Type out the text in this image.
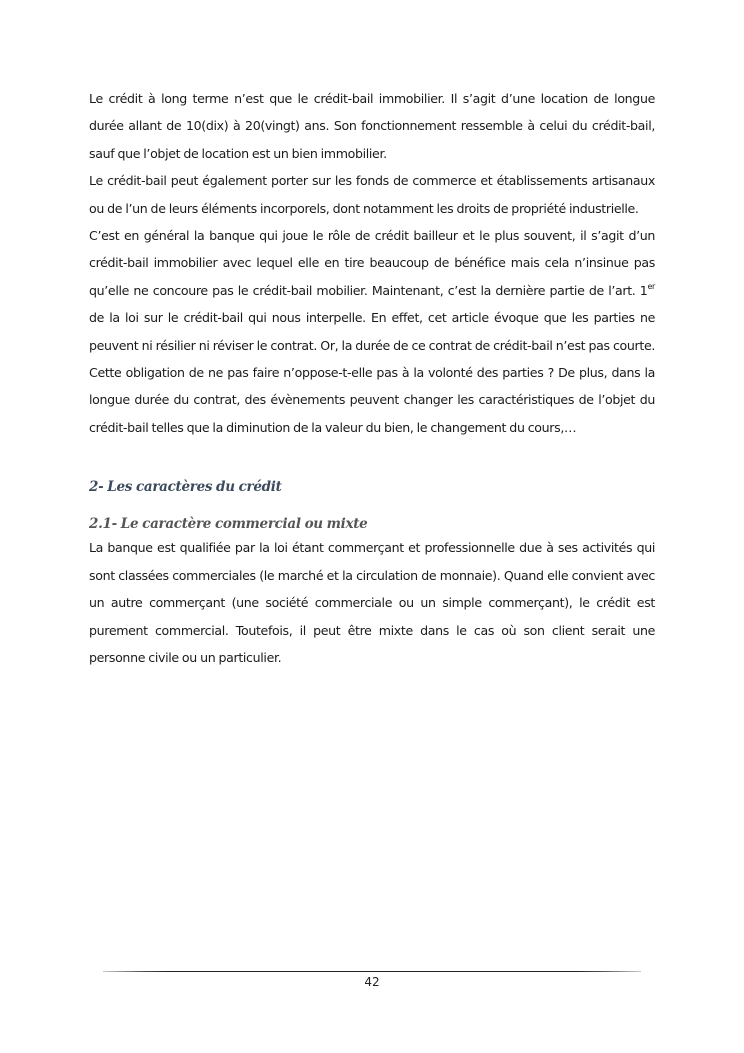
Le crédit à long terme n’est que le crédit-bail immobilier. Il s’agit d’une location de longue durée allant de 10(dix) à 20(vingt) ans. Son fonctionnement ressemble à celui du crédit-bail, sauf que l’objet de location est un bien immobilier.

Le crédit-bail peut également porter sur les fonds de commerce et établissements artisanaux ou de l’un de leurs éléments incorporels, dont notamment les droits de propriété industrielle.

C’est en général la banque qui joue le rôle de crédit bailleur et le plus souvent, il s’agit d’un crédit-bail immobilier avec lequel elle en tire beaucoup de bénéfice mais cela n’insinue pas qu’elle ne concoure pas le crédit-bail mobilier. Maintenant, c’est la dernière partie de l’art. 1er de la loi sur le crédit-bail qui nous interpelle. En effet, cet article évoque que les parties ne peuvent ni résilier ni réviser le contrat. Or, la durée de ce contrat de crédit-bail n’est pas courte. Cette obligation de ne pas faire n’oppose-t-elle pas à la volonté des parties ? De plus, dans la longue durée du contrat, des évènements peuvent changer les caractéristiques de l’objet du crédit-bail telles que la diminution de la valeur du bien, le changement du cours,…

2- Les caractères du crédit
2.1- Le caractère commercial ou mixte

La banque est qualifiée par la loi étant commerçant et professionnelle due à ses activités qui sont classées commerciales (le marché et la circulation de monnaie). Quand elle convient avec un autre commerçant (une société commerciale ou un simple commerçant), le crédit est purement commercial. Toutefois, il peut être mixte dans le cas où son client serait une personne civile ou un particulier.

42
